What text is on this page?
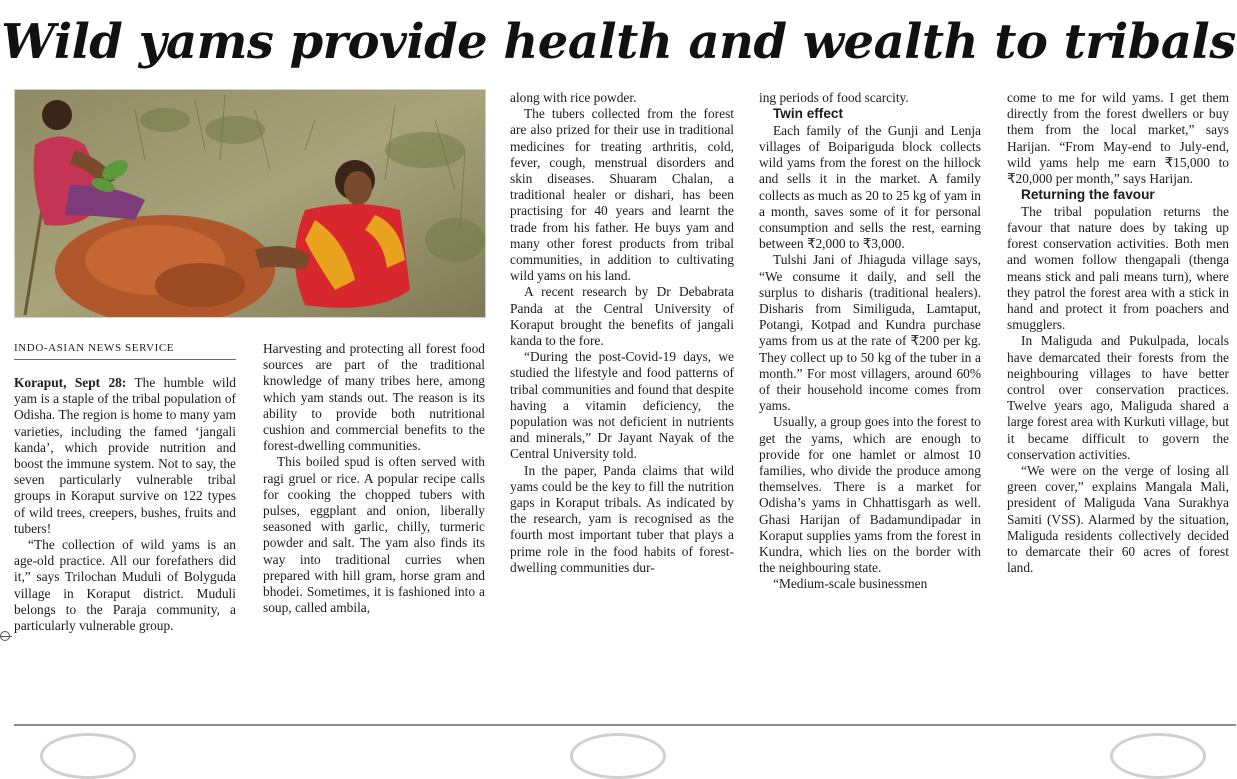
Wild yams provide health and wealth to tribals
INDO-ASIAN NEWS SERVICE

Koraput, Sept 28: The humble wild yam is a staple of the tribal population of Odisha. The region is home to many yam varieties, including the famed ‘jangali kanda’, which provide nutrition and boost the immune system. Not to say, the seven particularly vulnerable tribal groups in Koraput survive on 122 types of wild trees, creepers, bushes, fruits and tubers!

“The collection of wild yams is an age-old practice. All our forefathers did it,” says Trilochan Muduli of Bolyguda village in Koraput district. Muduli belongs to the Paraja community, a particularly vulnerable group.

Harvesting and protecting all forest food sources are part of the traditional knowledge of many tribes here, among which yam stands out. The reason is its ability to provide both nutritional cushion and commercial benefits to the forest-dwelling communities.

This boiled spud is often served with ragi gruel or rice. A popular recipe calls for cooking the chopped tubers with pulses, eggplant and onion, liberally seasoned with garlic, chilly, turmeric powder and salt. The yam also finds its way into traditional curries when prepared with hill gram, horse gram and bhodei. Sometimes, it is fashioned into a soup, called ambila,

along with rice powder.

The tubers collected from the forest are also prized for their use in traditional medicines for treating arthritis, cold, fever, cough, menstrual disorders and skin diseases. Shuaram Chalan, a traditional healer or dishari, has been practising for 40 years and learnt the trade from his father. He buys yam and many other forest products from tribal communities, in addition to cultivating wild yams on his land.

A recent research by Dr Debabrata Panda at the Central University of Koraput brought the benefits of jangali kanda to the fore.

“During the post-Covid-19 days, we studied the lifestyle and food patterns of tribal communities and found that despite having a vitamin deficiency, the population was not deficient in nutrients and minerals,” Dr Jayant Nayak of the Central University told.

In the paper, Panda claims that wild yams could be the key to fill the nutrition gaps in Koraput tribals. As indicated by the research, yam is recognised as the fourth most important tuber that plays a prime role in the food habits of forest-dwelling communities dur-

ing periods of food scarcity.

Twin effect

Each family of the Gunji and Lenja villages of Boipariguda block collects wild yams from the forest on the hillock and sells it in the market. A family collects as much as 20 to 25 kg of yam in a month, saves some of it for personal consumption and sells the rest, earning between ₹2,000 to ₹3,000.

Tulshi Jani of Jhiaguda village says, “We consume it daily, and sell the surplus to disharis (traditional healers). Disharis from Similiguda, Lamtaput, Potangi, Kotpad and Kundra purchase yams from us at the rate of ₹200 per kg. They collect up to 50 kg of the tuber in a month.” For most villagers, around 60% of their household income comes from yams.

Usually, a group goes into the forest to get the yams, which are enough to provide for one hamlet or almost 10 families, who divide the produce among themselves. There is a market for Odisha’s yams in Chhattisgarh as well. Ghasi Harijan of Badamundipadar in Koraput supplies yams from the forest in Kundra, which lies on the border with the neighbouring state.

“Medium-scale businessmen

come to me for wild yams. I get them directly from the forest dwellers or buy them from the local market,” says Harijan. “From May-end to July-end, wild yams help me earn ₹15,000 to ₹20,000 per month,” says Harijan.

Returning the favour

The tribal population returns the favour that nature does by taking up forest conservation activities. Both men and women follow thengapali (thenga means stick and pali means turn), where they patrol the forest area with a stick in hand and protect it from poachers and smugglers.

In Maliguda and Pukulpada, locals have demarcated their forests from the neighbouring villages to have better control over conservation practices. Twelve years ago, Maliguda shared a large forest area with Kurkuti village, but it became difficult to govern the conservation activities.

“We were on the verge of losing all green cover,” explains Mangala Mali, president of Maliguda Vana Surakhya Samiti (VSS). Alarmed by the situation, Maliguda residents collectively decided to demarcate their 60 acres of forest land.
